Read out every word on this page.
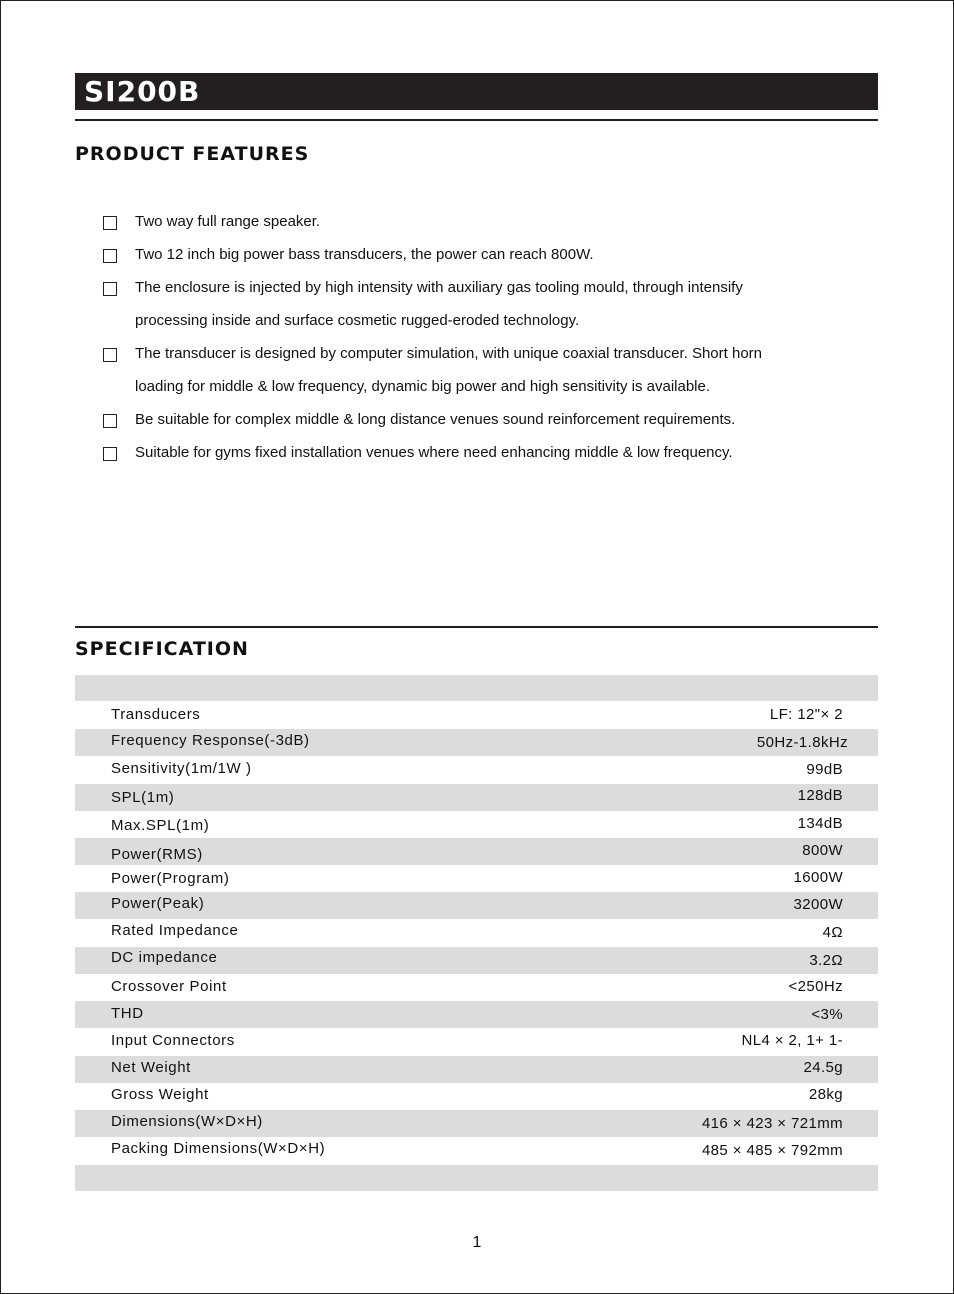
SI200B
PRODUCT FEATURES
Two way full range speaker.
Two 12 inch big power bass transducers, the power can reach 800W.
The enclosure is injected by high intensity with auxiliary gas tooling mould, through intensify
processing inside and surface cosmetic rugged-eroded technology.
The transducer is designed by computer simulation, with unique coaxial transducer. Short horn
loading for middle & low frequency, dynamic big power and high sensitivity is available.
Be suitable for complex middle & long distance venues sound reinforcement requirements.
Suitable for gyms fixed installation venues where need enhancing middle & low frequency.
SPECIFICATION
Transducers	LF: 12"× 2
Frequency Response(-3dB)	50Hz-1.8kHz
Sensitivity(1m/1W )	99dB
SPL(1m)	128dB
Max.SPL(1m)	134dB
Power(RMS)	800W
Power(Program)	1600W
Power(Peak)	3200W
Rated Impedance	4Ω
DC impedance	3.2Ω
Crossover Point	<250Hz
THD	<3%
Input Connectors	NL4 × 2, 1+ 1-
Net Weight	24.5g
Gross Weight	28kg
Dimensions(W×D×H)	416 × 423 × 721mm
Packing Dimensions(W×D×H)	485 × 485 × 792mm
1
